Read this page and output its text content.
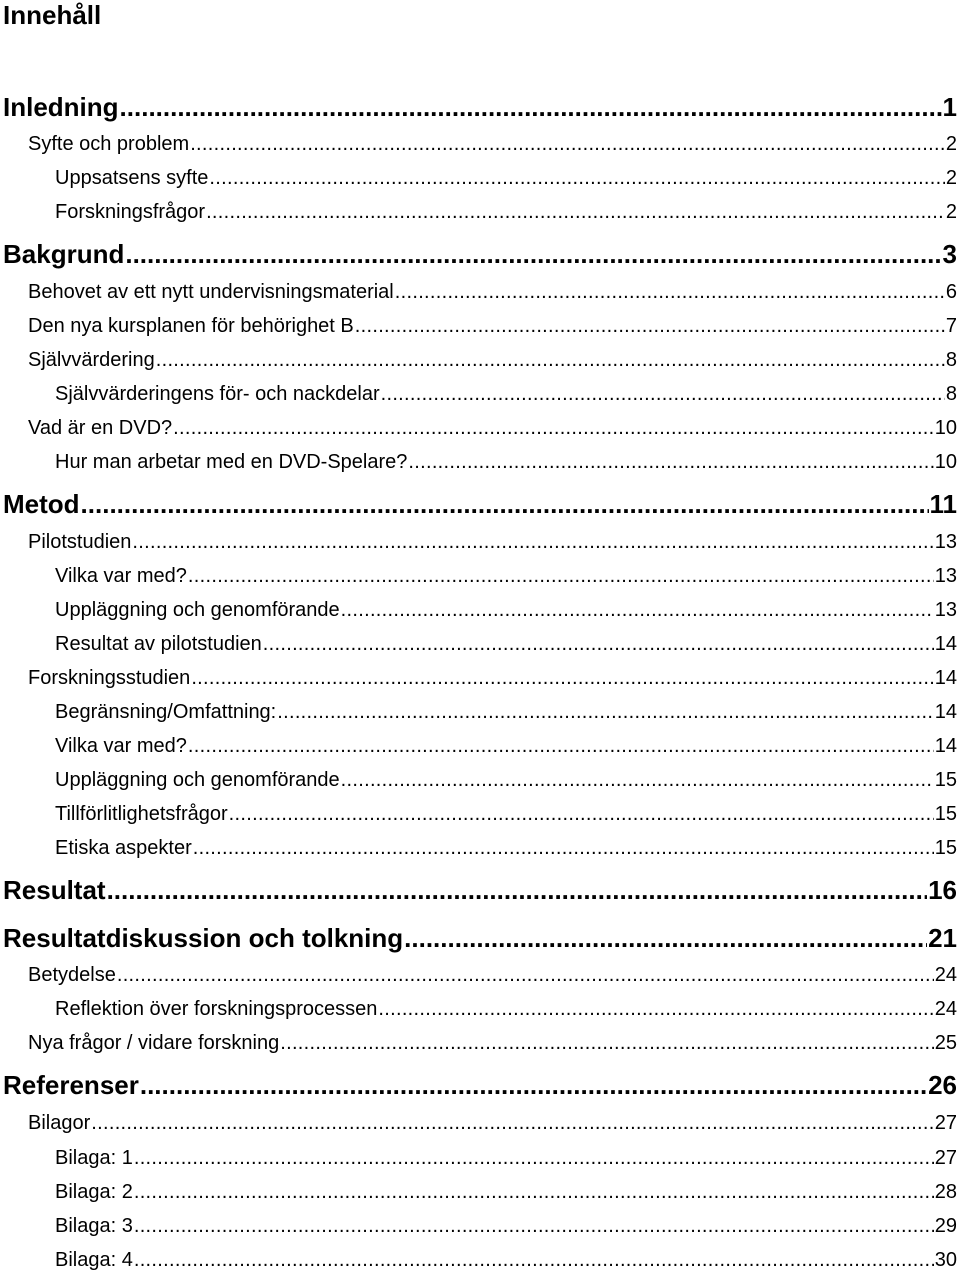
Innehåll
Inledning .....	1
Syfte och problem .....	2
Uppsatsens syfte .....	2
Forskningsfrågor .....	2
Bakgrund .....	3
Behovet av ett nytt undervisningsmaterial .....	6
Den nya kursplanen för behörighet B .....	7
Självvärdering .....	8
Självvärderingens för- och nackdelar .....	8
Vad är en DVD? .....	10
Hur man arbetar med en DVD-Spelare? .....	10
Metod .....	11
Pilotstudien .....	13
Vilka var med? .....	13
Uppläggning och genomförande .....	13
Resultat av pilotstudien .....	14
Forskningsstudien .....	14
Begränsning/Omfattning: .....	14
Vilka var med? .....	14
Uppläggning och genomförande .....	15
Tillförlitlighetsfrågor .....	15
Etiska aspekter .....	15
Resultat .....	16
Resultatdiskussion och tolkning .....	21
Betydelse .....	24
Reflektion över forskningsprocessen .....	24
Nya frågor / vidare forskning .....	25
Referenser .....	26
Bilagor .....	27
Bilaga: 1 .....	27
Bilaga: 2 .....	28
Bilaga: 3 .....	29
Bilaga: 4 .....	30
